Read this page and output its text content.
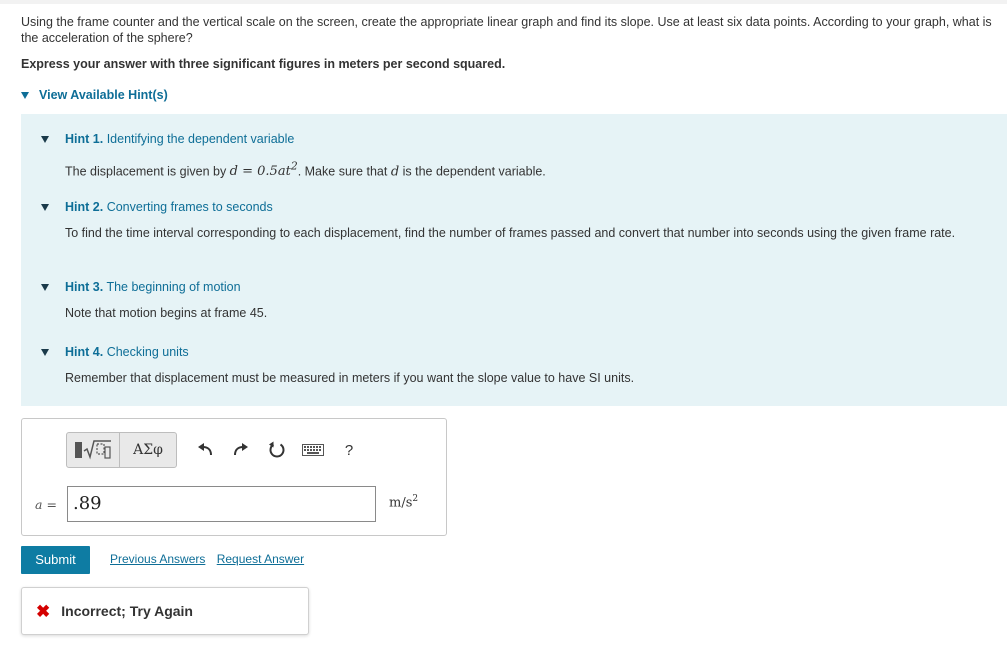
Using the frame counter and the vertical scale on the screen, create the appropriate linear graph and find its slope. Use at least six data points. According to your graph, what is the acceleration of the sphere?
Express your answer with three significant figures in meters per second squared.
View Available Hint(s)
Hint 1. Identifying the dependent variable
The displacement is given by $d = 0.5at^2$. Make sure that d is the dependent variable.
Hint 2. Converting frames to seconds
To find the time interval corresponding to each displacement, find the number of frames passed and convert that number into seconds using the given frame rate.
Hint 3. The beginning of motion
Note that motion begins at frame 45.
Hint 4. Checking units
Remember that displacement must be measured in meters if you want the slope value to have SI units.
ΑΣφ	?
a = .89	$m/s^2$
Submit	Previous Answers Request Answer
✖ Incorrect; Try Again
